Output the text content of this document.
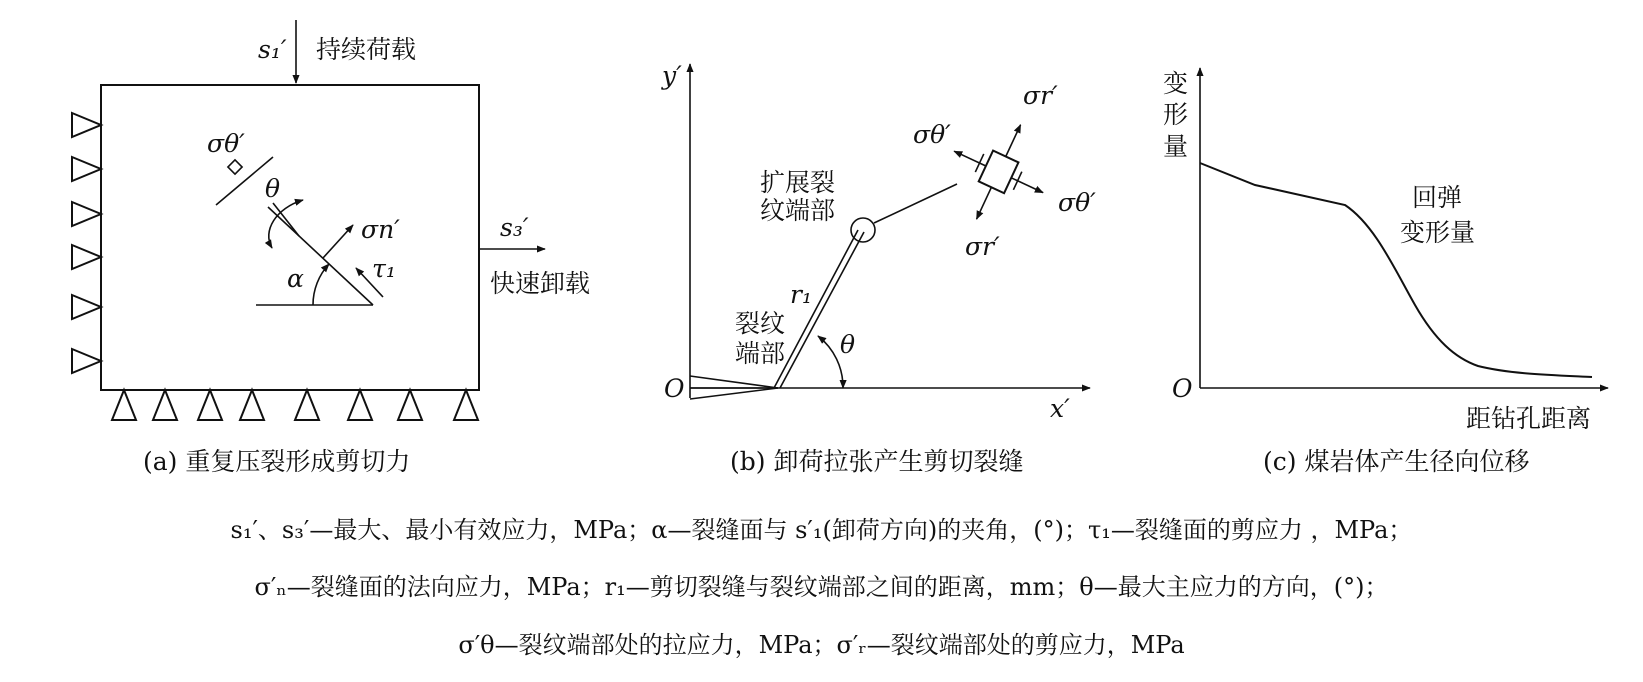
s₁′ 持续荷载
s₃′
快速卸载
α
σn′
τ₁
θ
σθ′
(a) 重复压裂形成剪切力
y′
x′
O
扩展裂
纹端部
裂纹
端部
r₁
θ
σr′
σθ′
σθ′
σr′
(b) 卸荷拉张产生剪切裂缝
变
形
量
O
距钻孔距离
回弹
变形量
(c) 煤岩体产生径向位移
s₁′、s₃′—最大、最小有效应力，MPa；α—裂缝面与 s′₁(卸荷方向)的夹角，(°)；τ₁—裂缝面的剪应力 ，MPa；
σ′ₙ—裂缝面的法向应力，MPa；r₁—剪切裂缝与裂纹端部之间的距离，mm；θ—最大主应力的方向，(°)；
σ′θ—裂纹端部处的拉应力，MPa；σ′ᵣ—裂纹端部处的剪应力，MPa
